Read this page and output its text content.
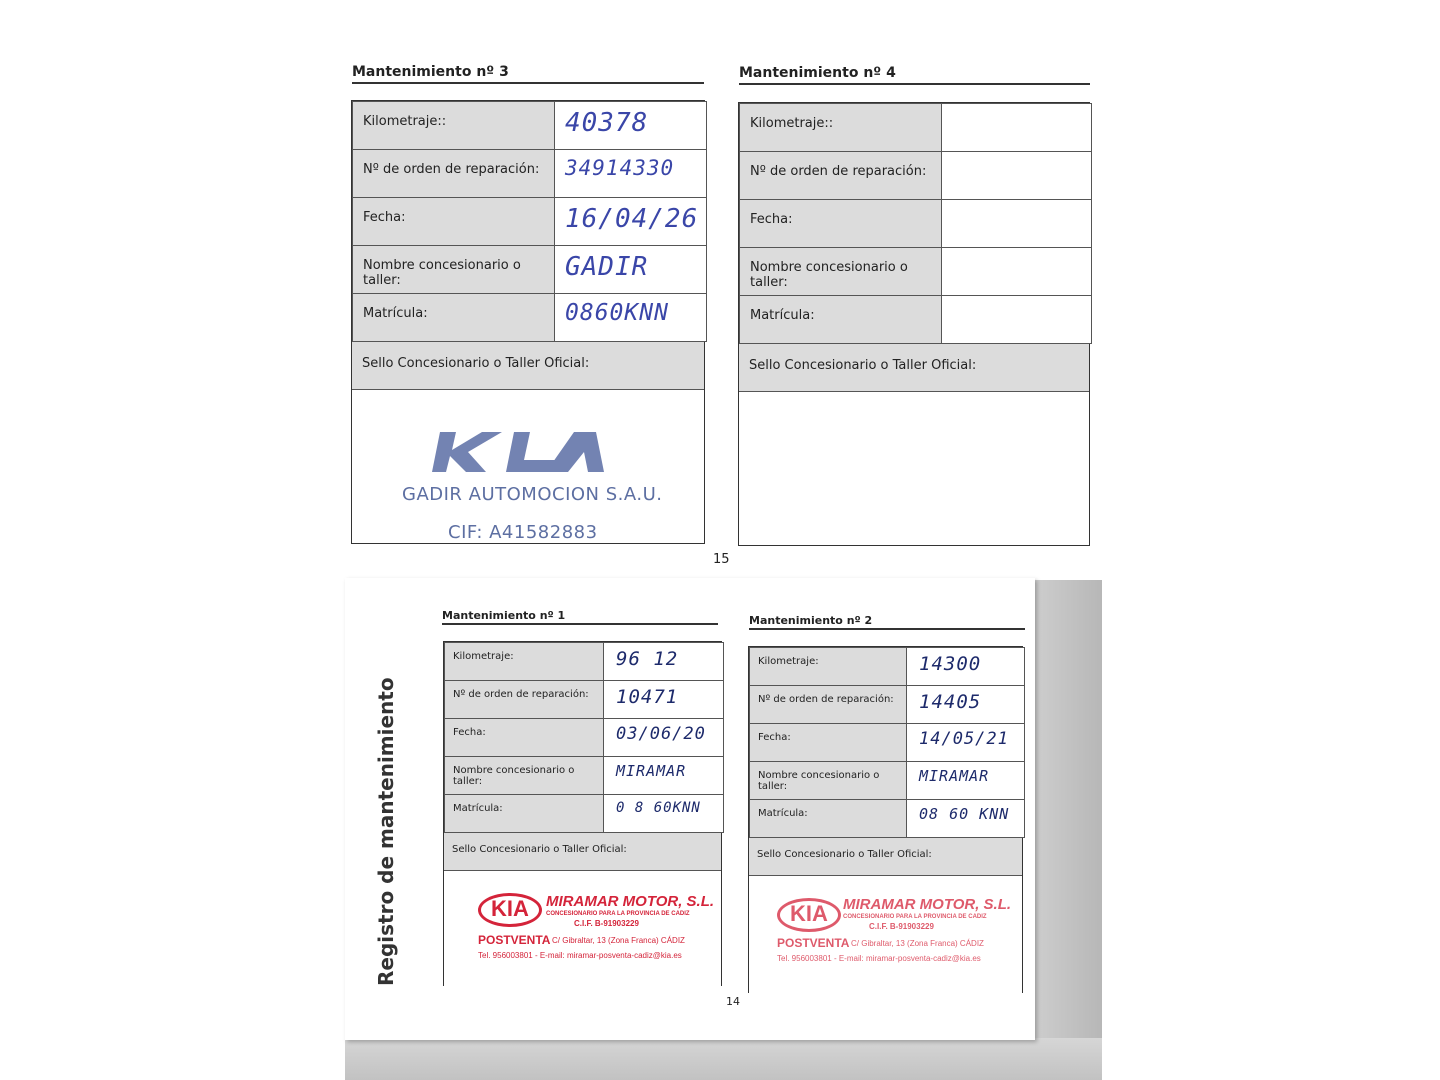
Mantenimiento nº 3
Kilometraje::	40378
Nº de orden de reparación:	34914330
Fecha:	16/04/26
Nombre concesionario o taller:	GADIR
Matrícula:	0860KNN
Sello Concesionario o Taller Oficial:
GADIR AUTOMOCION S.A.U.
CIF: A41582883
Mantenimiento nº 4
Kilometraje::	
Nº de orden de reparación:	
Fecha:	
Nombre concesionario o taller:	
Matrícula:	
Sello Concesionario o Taller Oficial:
15
Registro de mantenimiento
Mantenimiento nº 1
Kilometraje:	96 12
Nº de orden de reparación:	10471
Fecha:	03/06/20
Nombre concesionario o taller:	MIRAMAR
Matrícula:	0 8 60KNN
Sello Concesionario o Taller Oficial:
KIA	MIRAMAR MOTOR, S.L.
CONCESIONARIO PARA LA PROVINCIA DE CADIZ
C.I.F. B-91903229
POSTVENTA C/ Gibraltar, 13 (Zona Franca) CÁDIZ
Tel. 956003801 - E-mail: miramar-posventa-cadiz@kia.es
Mantenimiento nº 2
Kilometraje:	14300
Nº de orden de reparación:	14405
Fecha:	14/05/21
Nombre concesionario o taller:	MIRAMAR
Matrícula:	08 60 KNN
Sello Concesionario o Taller Oficial:
KIA	MIRAMAR MOTOR, S.L.
CONCESIONARIO PARA LA PROVINCIA DE CADIZ
C.I.F. B-91903229
POSTVENTA C/ Gibraltar, 13 (Zona Franca) CÁDIZ
Tel. 956003801 - E-mail: miramar-posventa-cadiz@kia.es
14
